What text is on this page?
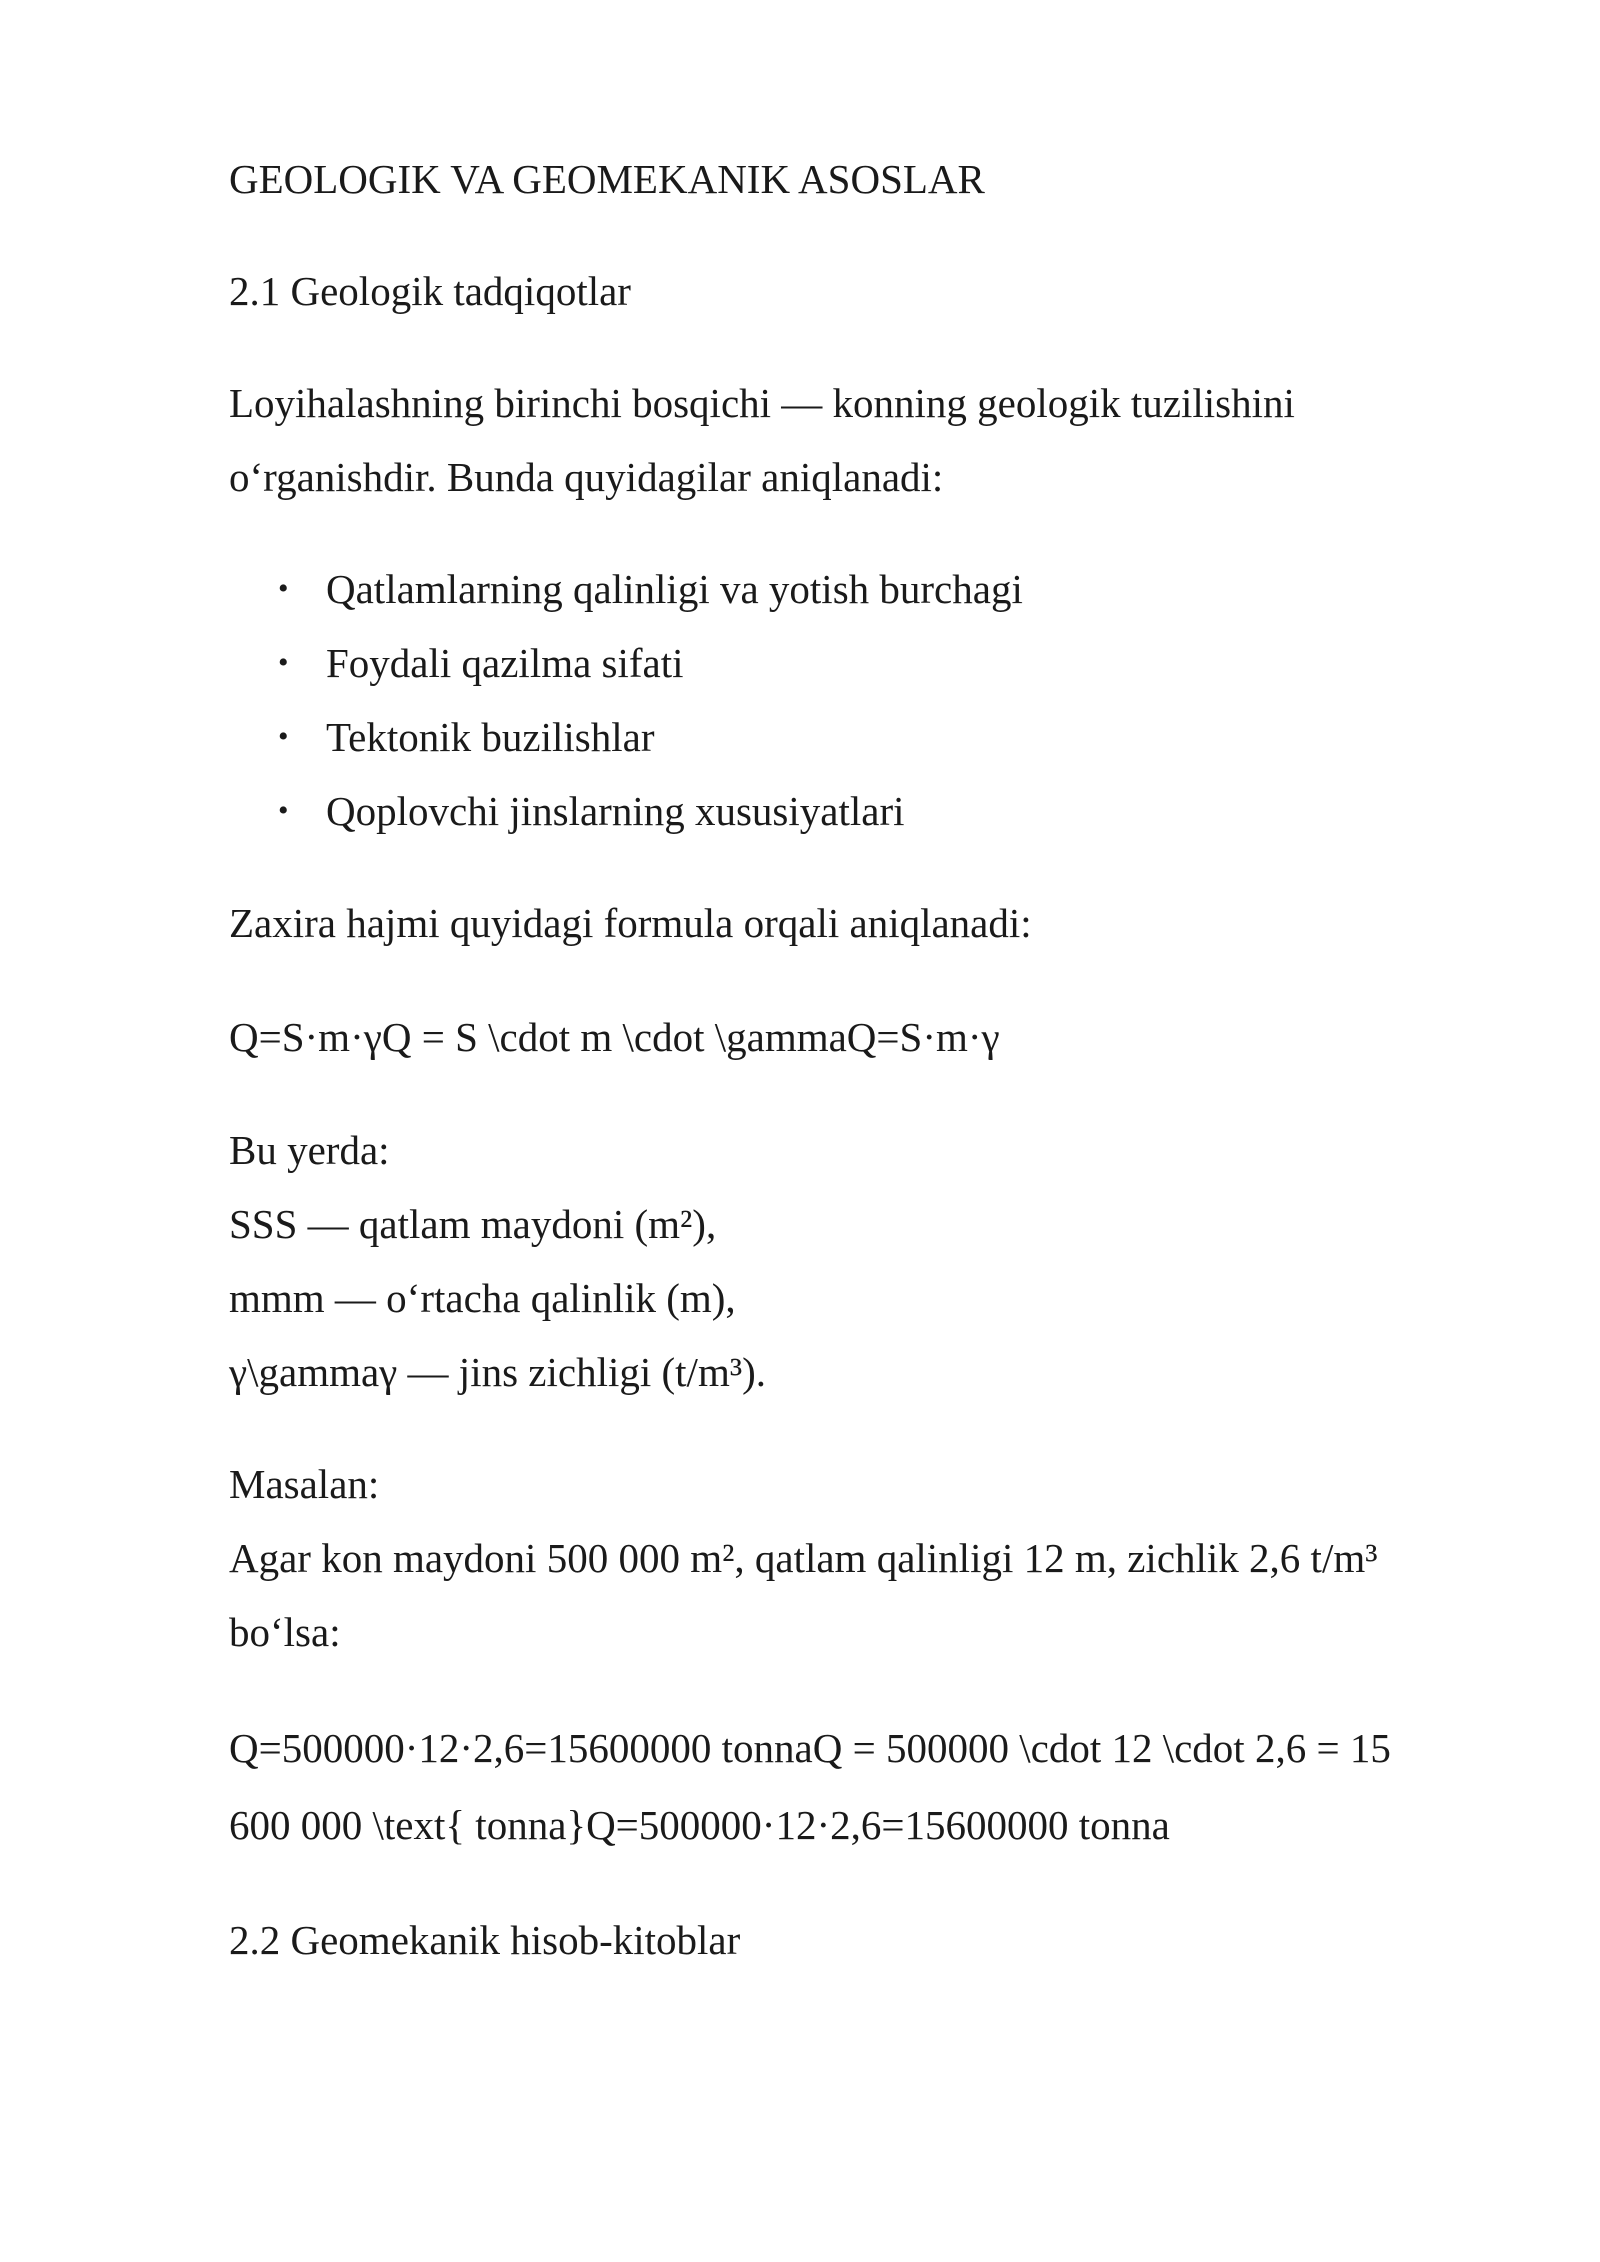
GEOLOGIK VA GEOMEKANIK ASOSLAR

2.1 Geologik tadqiqotlar

Loyihalashning birinchi bosqichi — konning geologik tuzilishini

o‘rganishdir. Bunda quyidagilar aniqlanadi:

• Qatlamlarning qalinligi va yotish burchagi
• Foydali qazilma sifati
• Tektonik buzilishlar
• Qoplovchi jinslarning xususiyatlari

Zaxira hajmi quyidagi formula orqali aniqlanadi:

Q=S·m·γQ = S \cdot m \cdot \gammaQ=S·m·γ

Bu yerda:

SSS — qatlam maydoni (m²),

mmm — o‘rtacha qalinlik (m),

γ\gammaγ — jins zichligi (t/m³).

Masalan:

Agar kon maydoni 500 000 m², qatlam qalinligi 12 m, zichlik 2,6 t/m³

bo‘lsa:

Q=500000·12·2,6=15600000 tonnaQ = 500000 \cdot 12 \cdot 2,6 = 15

600 000 \text{ tonna}Q=500000·12·2,6=15600000 tonna

2.2 Geomekanik hisob-kitoblar
